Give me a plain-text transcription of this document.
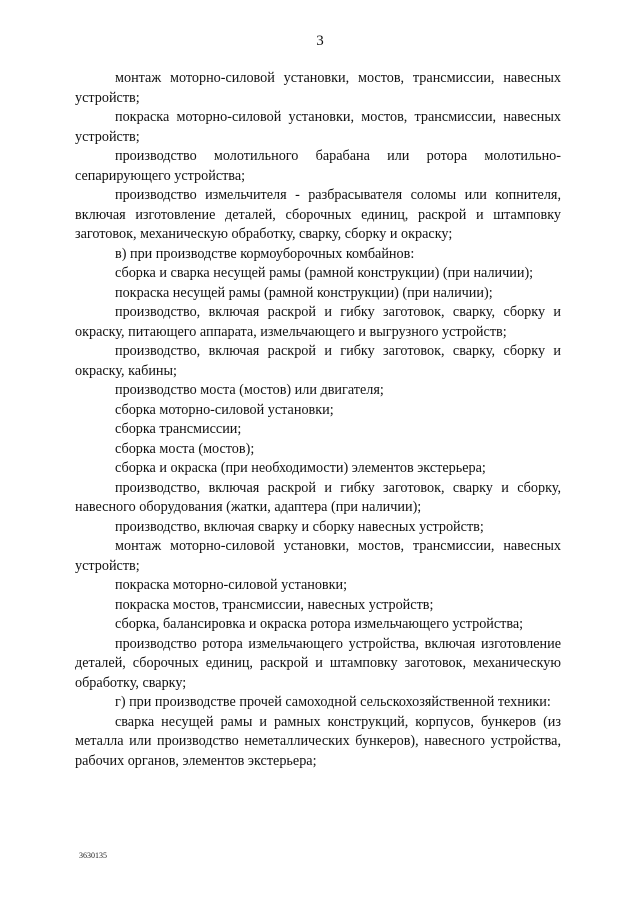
3

монтаж моторно-силовой установки, мостов, трансмиссии, навесных устройств;

покраска моторно-силовой установки, мостов, трансмиссии, навесных устройств;

производство молотильного барабана или ротора молотильно-сепарирующего устройства;

производство измельчителя - разбрасывателя соломы или копнителя, включая изготовление деталей, сборочных единиц, раскрой и штамповку заготовок, механическую обработку, сварку, сборку и окраску;

в) при производстве кормоуборочных комбайнов:

сборка и сварка несущей рамы (рамной конструкции) (при наличии);

покраска несущей рамы (рамной конструкции) (при наличии);

производство, включая раскрой и гибку заготовок, сварку, сборку и окраску, питающего аппарата, измельчающего и выгрузного устройств;

производство, включая раскрой и гибку заготовок, сварку, сборку и окраску, кабины;

производство моста (мостов) или двигателя;

сборка моторно-силовой установки;

сборка трансмиссии;

сборка моста (мостов);

сборка и окраска (при необходимости) элементов экстерьера;

производство, включая раскрой и гибку заготовок, сварку и сборку, навесного оборудования (жатки, адаптера (при наличии);

производство, включая сварку и сборку навесных устройств;

монтаж моторно-силовой установки, мостов, трансмиссии, навесных устройств;

покраска моторно-силовой установки;

покраска мостов, трансмиссии, навесных устройств;

сборка, балансировка и окраска ротора измельчающего устройства;

производство ротора измельчающего устройства, включая изготовление деталей, сборочных единиц, раскрой и штамповку заготовок, механическую обработку, сварку;

г) при производстве прочей самоходной сельскохозяйственной техники:

сварка несущей рамы и рамных конструкций, корпусов, бункеров (из металла или производство неметаллических бункеров), навесного устройства, рабочих органов, элементов экстерьера;

3630135
